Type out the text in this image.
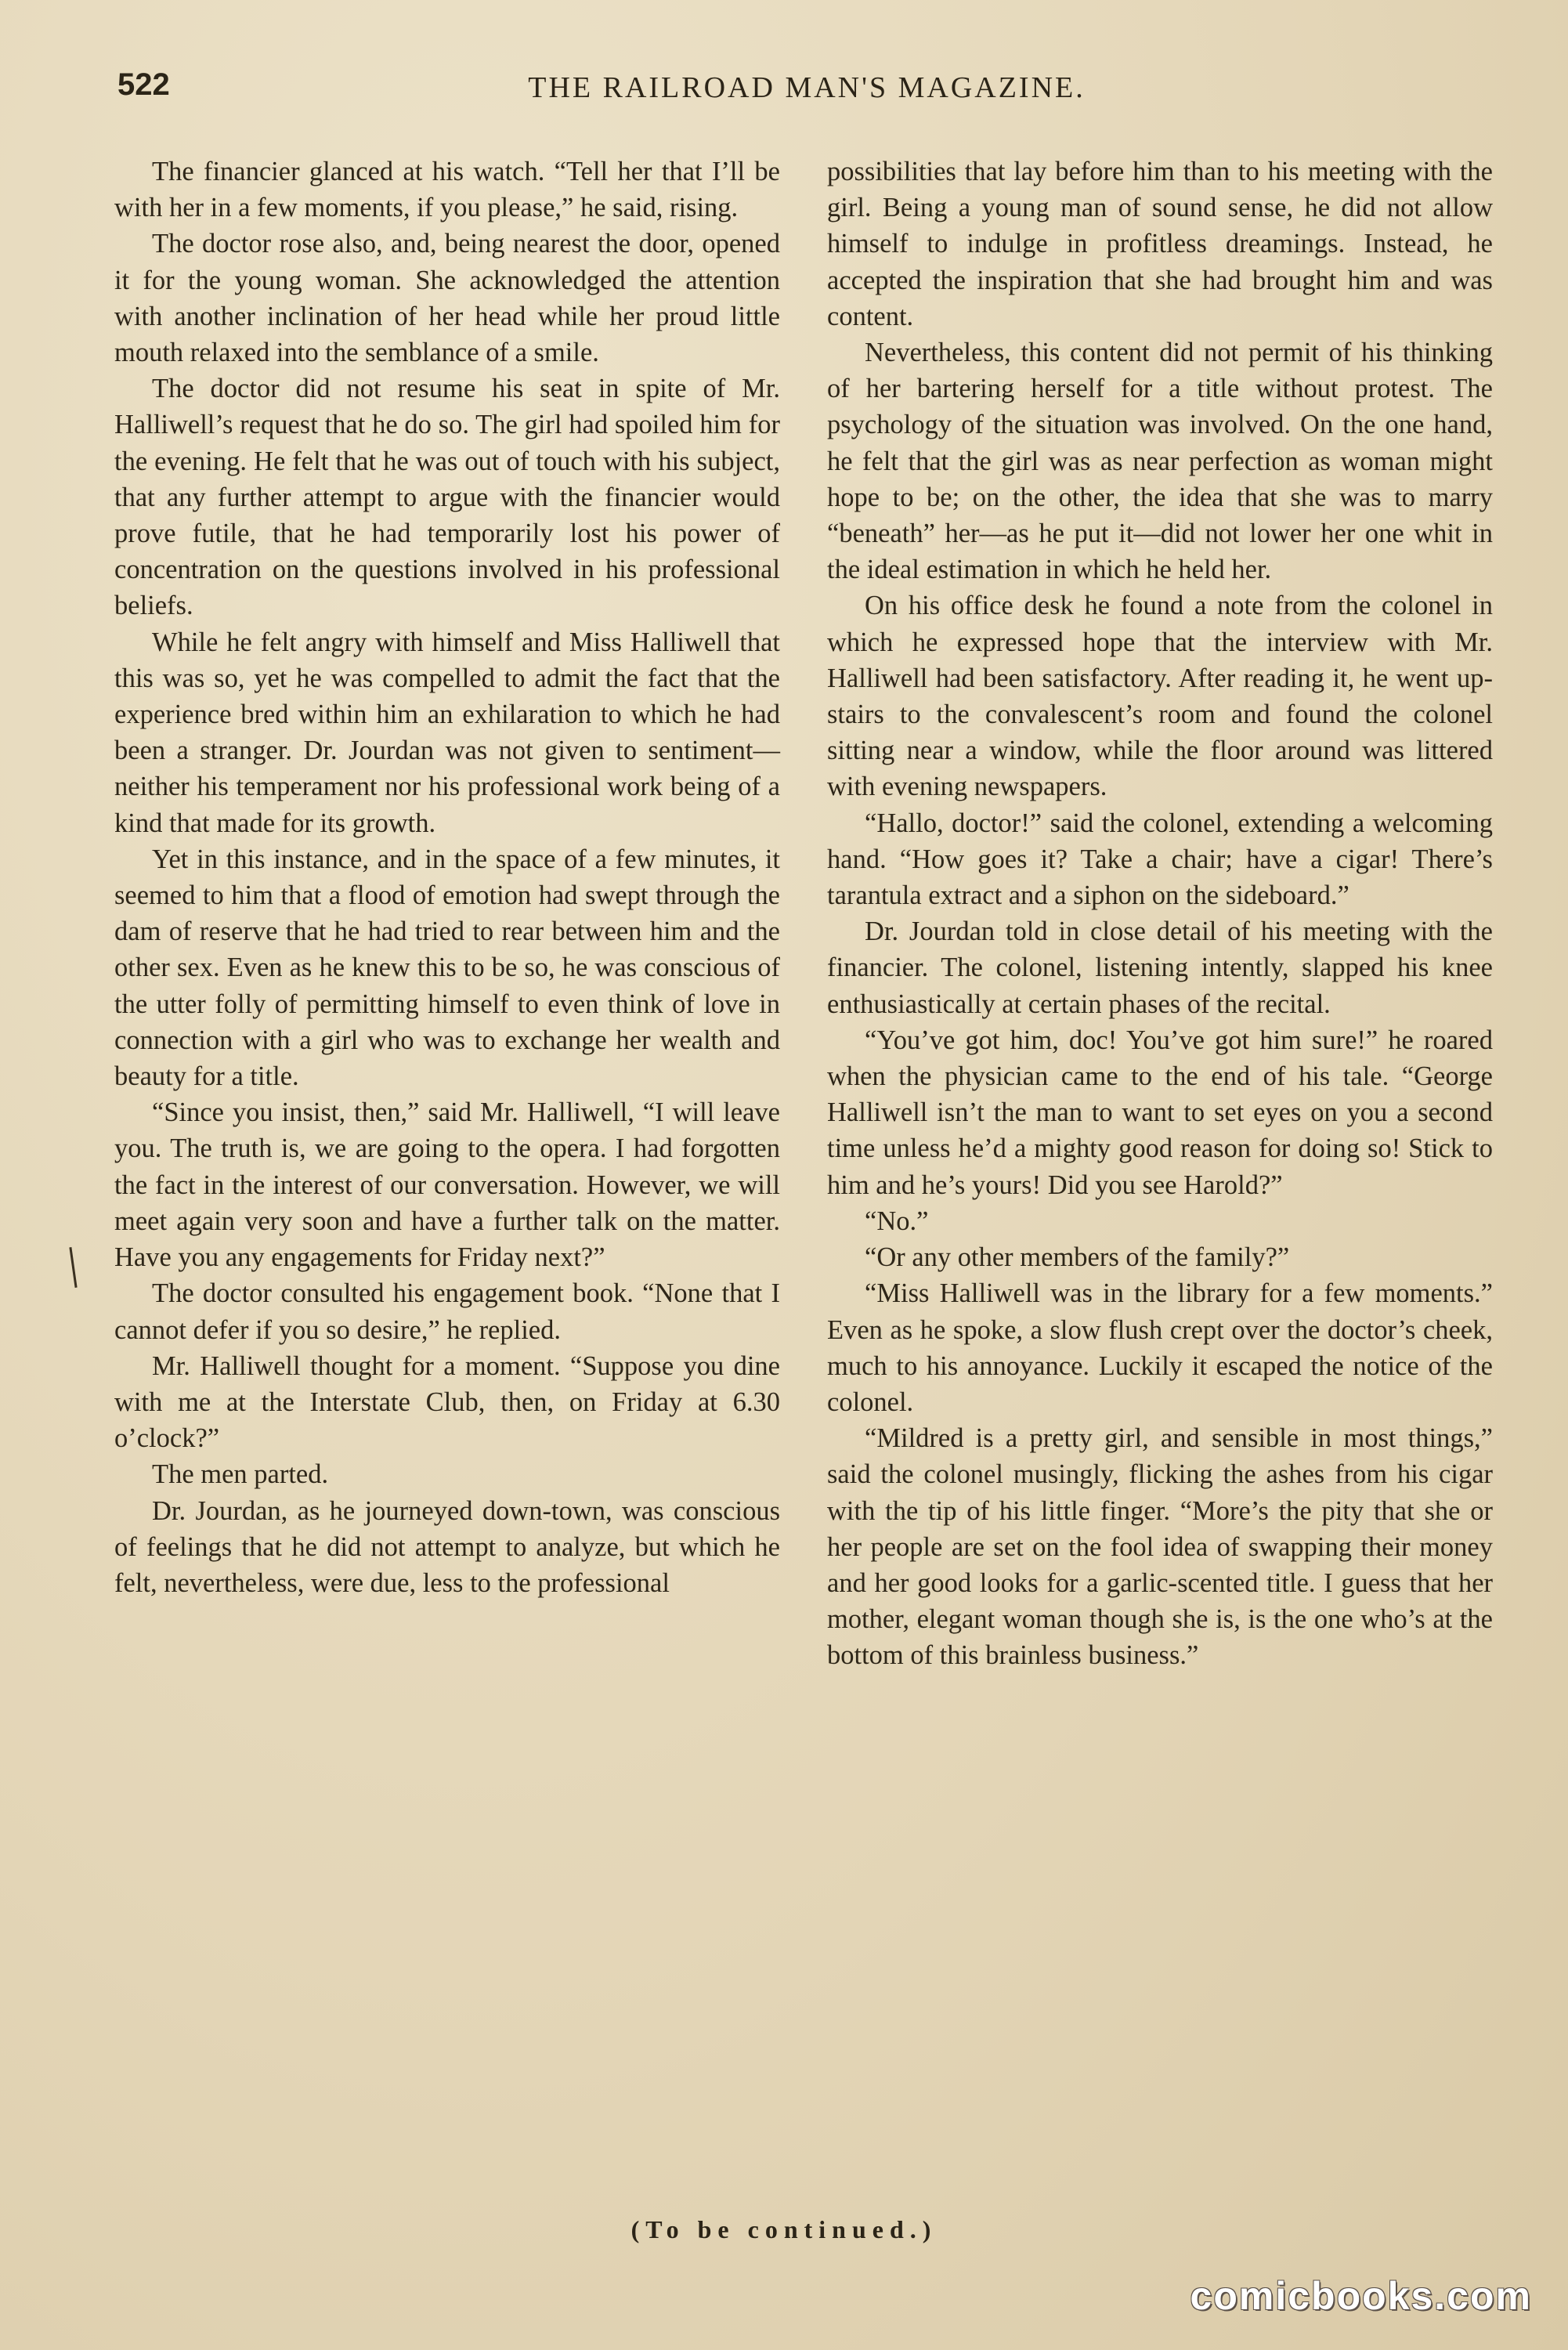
522	THE RAILROAD MAN'S MAGAZINE.

The financier glanced at his watch. “Tell her that I’ll be with her in a few moments, if you please,” he said, rising.

The doctor rose also, and, being nearest the door, opened it for the young woman. She acknowledged the attention with another inclination of her head while her proud little mouth relaxed into the semblance of a smile.

The doctor did not resume his seat in spite of Mr. Halliwell’s request that he do so. The girl had spoiled him for the evening. He felt that he was out of touch with his subject, that any further attempt to argue with the financier would prove futile, that he had temporarily lost his power of concentration on the questions involved in his professional beliefs.

While he felt angry with himself and Miss Halliwell that this was so, yet he was compelled to admit the fact that the experience bred within him an exhilaration to which he had been a stranger. Dr. Jourdan was not given to sentiment—neither his temperament nor his professional work being of a kind that made for its growth.

Yet in this instance, and in the space of a few minutes, it seemed to him that a flood of emotion had swept through the dam of reserve that he had tried to rear between him and the other sex. Even as he knew this to be so, he was conscious of the utter folly of permitting himself to even think of love in connection with a girl who was to exchange her wealth and beauty for a title.

“Since you insist, then,” said Mr. Halliwell, “I will leave you. The truth is, we are going to the opera. I had forgotten the fact in the interest of our conversation. However, we will meet again very soon and have a further talk on the matter. Have you any engagements for Friday next?”

The doctor consulted his engagement book. “None that I cannot defer if you so desire,” he replied.

Mr. Halliwell thought for a moment. “Suppose you dine with me at the Interstate Club, then, on Friday at 6.30 o’clock?”

The men parted.

Dr. Jourdan, as he journeyed down-town, was conscious of feelings that he did not attempt to analyze, but which he felt, nevertheless, were due, less to the professional

possibilities that lay before him than to his meeting with the girl. Being a young man of sound sense, he did not allow himself to indulge in profitless dreamings. Instead, he accepted the inspiration that she had brought him and was content.

Nevertheless, this content did not permit of his thinking of her bartering herself for a title without protest. The psychology of the situation was involved. On the one hand, he felt that the girl was as near perfection as woman might hope to be; on the other, the idea that she was to marry “beneath” her—as he put it—did not lower her one whit in the ideal estimation in which he held her.

On his office desk he found a note from the colonel in which he expressed hope that the interview with Mr. Halliwell had been satisfactory. After reading it, he went upstairs to the convalescent’s room and found the colonel sitting near a window, while the floor around was littered with evening newspapers.

“Hallo, doctor!” said the colonel, extending a welcoming hand. “How goes it? Take a chair; have a cigar! There’s tarantula extract and a siphon on the sideboard.”

Dr. Jourdan told in close detail of his meeting with the financier. The colonel, listening intently, slapped his knee enthusiastically at certain phases of the recital.

“You’ve got him, doc! You’ve got him sure!” he roared when the physician came to the end of his tale. “George Halliwell isn’t the man to want to set eyes on you a second time unless he’d a mighty good reason for doing so! Stick to him and he’s yours! Did you see Harold?”

“No.”

“Or any other members of the family?”

“Miss Halliwell was in the library for a few moments.” Even as he spoke, a slow flush crept over the doctor’s cheek, much to his annoyance. Luckily it escaped the notice of the colonel.

“Mildred is a pretty girl, and sensible in most things,” said the colonel musingly, flicking the ashes from his cigar with the tip of his little finger. “More’s the pity that she or her people are set on the fool idea of swapping their money and her good looks for a garlic-scented title. I guess that her mother, elegant woman though she is, is the one who’s at the bottom of this brainless business.”

(To be continued.)
comicbooks.com
